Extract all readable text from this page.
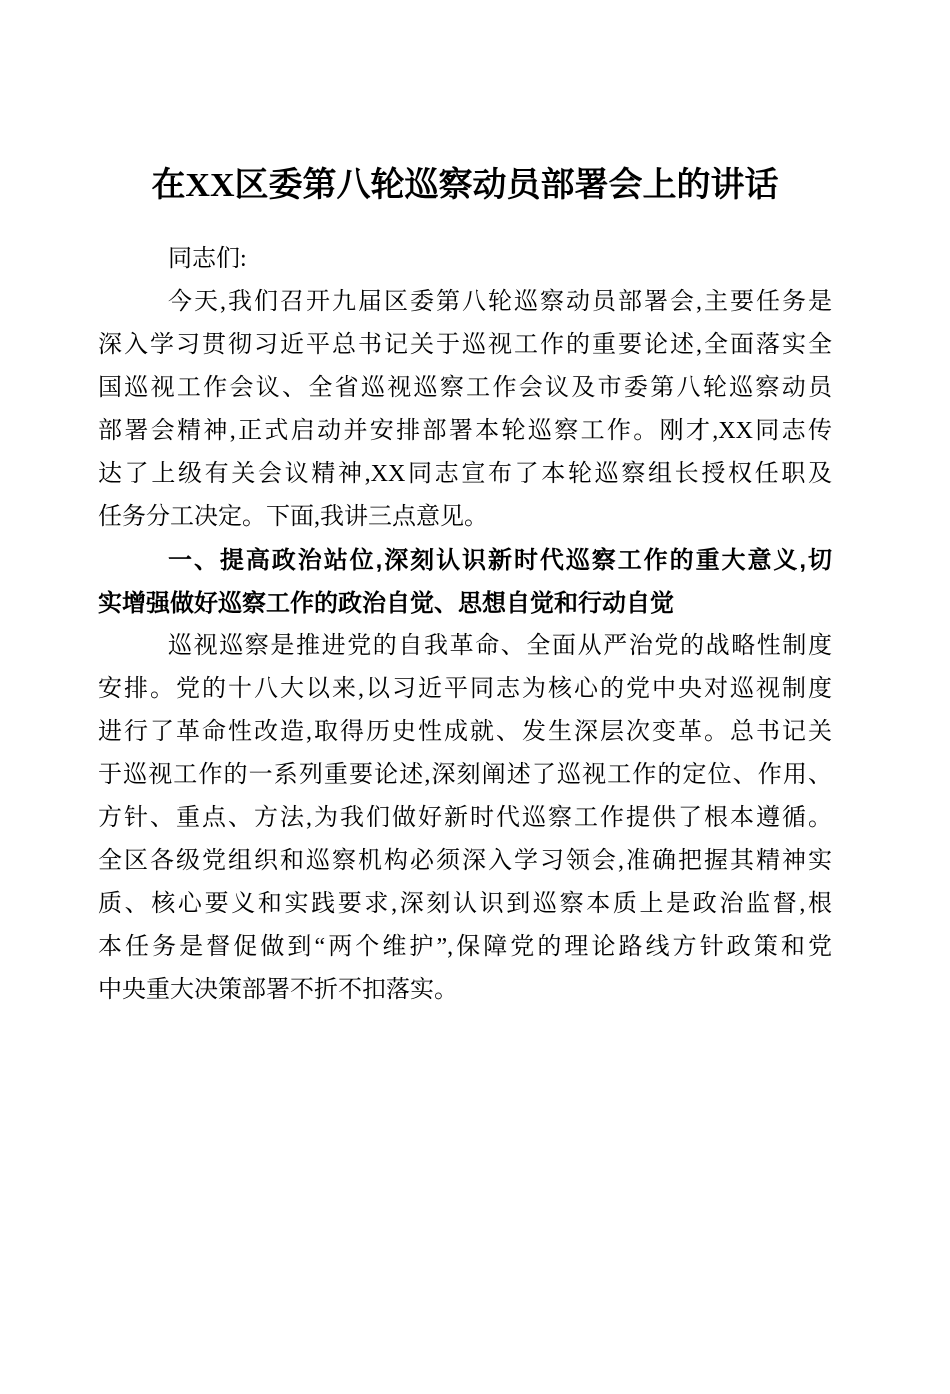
在XX区委第八轮巡察动员部署会上的讲话
同志们:
今天,我们召开九届区委第八轮巡察动员部署会,主要任务是
深入学习贯彻习近平总书记关于巡视工作的重要论述,全面落实全
国巡视工作会议、全省巡视巡察工作会议及市委第八轮巡察动员
部署会精神,正式启动并安排部署本轮巡察工作。刚才,XX同志传
达了上级有关会议精神,XX同志宣布了本轮巡察组长授权任职及
任务分工决定。下面,我讲三点意见。
一、提高政治站位,深刻认识新时代巡察工作的重大意义,切
实增强做好巡察工作的政治自觉、思想自觉和行动自觉
巡视巡察是推进党的自我革命、全面从严治党的战略性制度
安排。党的十八大以来,以习近平同志为核心的党中央对巡视制度
进行了革命性改造,取得历史性成就、发生深层次变革。总书记关
于巡视工作的一系列重要论述,深刻阐述了巡视工作的定位、作用、
方针、重点、方法,为我们做好新时代巡察工作提供了根本遵循。
全区各级党组织和巡察机构必须深入学习领会,准确把握其精神实
质、核心要义和实践要求,深刻认识到巡察本质上是政治监督,根
本任务是督促做到“两个维护”,保障党的理论路线方针政策和党
中央重大决策部署不折不扣落实。
